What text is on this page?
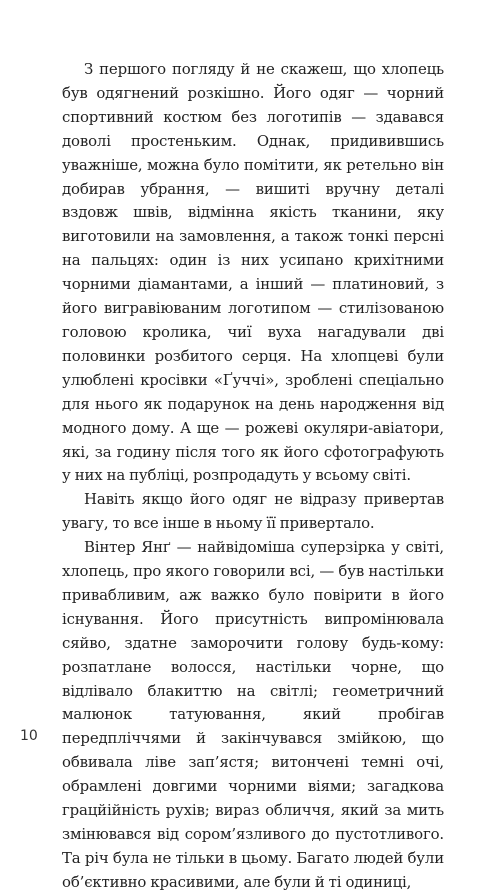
З першого погляду й не скажеш, що хлопець був одягнений розкішно. Його одяг — чорний спортивний костюм без логотипів — здавався доволі простеньким. Однак, придивившись уважніше, можна було помітити, як ретельно він добирав убрання, — вишиті вручну деталі вздовж швів, відмінна якість тканини, яку виготовили на замовлення, а також тонкі персні на пальцях: один із них усипано крихітними чорними діамантами, а інший — платиновий, з його вигравіюваним логотипом — стилізованою головою кролика, чиї вуха нагадували дві половинки розбитого серця. На хлопцеві були улюблені кросівки «Ґуччі», зроблені спеціально для нього як подарунок на день народження від модного дому. А ще — рожеві окуляри-авіатори, які, за годину після того як його сфотографують у них на публіці, розпродадуть у всьому світі.

Навіть якщо його одяг не відразу привертав увагу, то все інше в ньому її привертало.

Вінтер Янґ — найвідоміша суперзірка у світі, хлопець, про якого говорили всі, — був настільки привабливим, аж важко було повірити в його існування. Його присутність випромінювала сяйво, здатне заморочити голову будь-кому: розпатлане волосся, настільки чорне, що відлівало блакиттю на світлі; геометричний малюнок татуювання, який пробігав передпліччями й закінчувався змійкою, що обвивала ліве зап’ястя; витончені темні очі, обрамлені довгими чорними віями; загадкова грацйійність рухів; вираз обличчя, який за мить змінювався від сором’язливого до пустотливого. Та річ була не тільки в цьому. Багато людей були об’єктивно красивими, але були й ті одиниці,

10
